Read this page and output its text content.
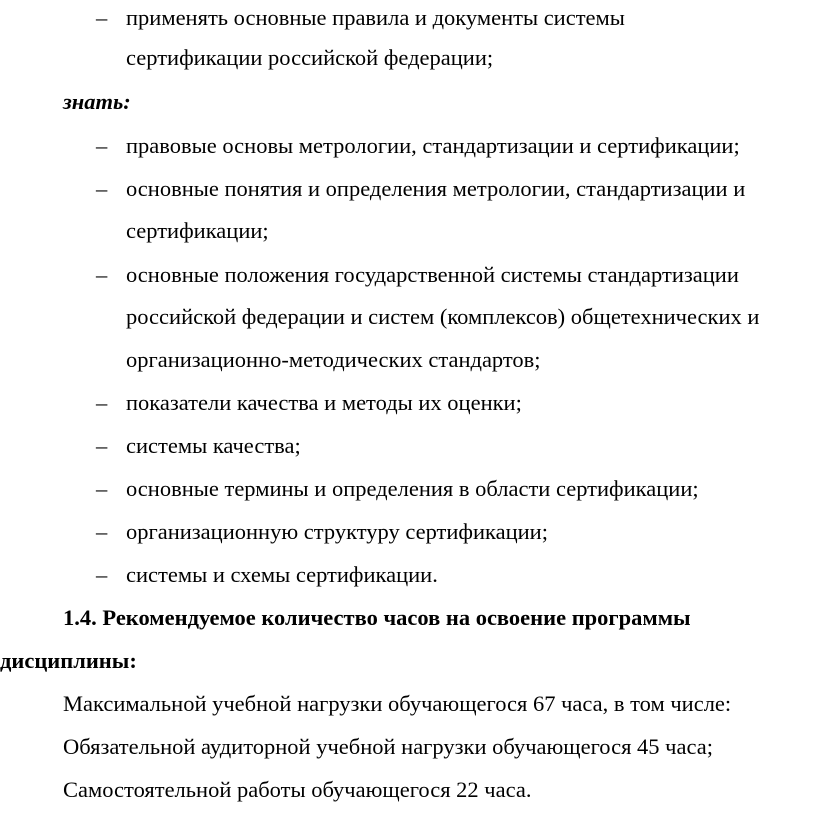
– применять основные правила и документы системы
сертификации российской федерации;
знать:
– правовые основы метрологии, стандартизации и сертификации;
– основные понятия и определения метрологии, стандартизации и
сертификации;
– основные положения государственной системы стандартизации
российской федерации и систем (комплексов) общетехнических и
организационно-методических стандартов;
– показатели качества и методы их оценки;
– системы качества;
– основные термины и определения в области сертификации;
– организационную структуру сертификации;
– системы и схемы сертификации.
1.4. Рекомендуемое количество часов на освоение программы
дисциплины:
Максимальной учебной нагрузки обучающегося 67 часа, в том числе:
Обязательной аудиторной учебной нагрузки обучающегося 45 часа;
Самостоятельной работы обучающегося 22 часа.
